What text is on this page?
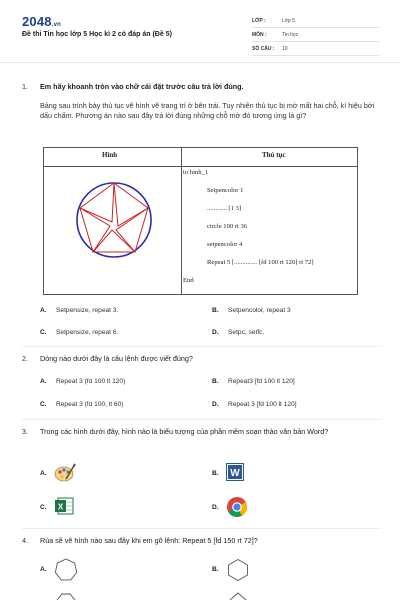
2048.vn
Đề thi Tin học lớp 5 Học kì 2 có đáp án (Đề 5)
LỚP :	Lớp 5
MÔN :	Tin học
SỐ CÂU :	10
1. Em hãy khoanh tròn vào chữ cái đặt trước câu trả lời đúng.
Bảng sau trình bày thủ tục vẽ hình vẽ trang trí ở bên trái. Tuy nhiên thủ tục bị mờ mất hai chỗ, kí hiệu bởi dấu chấm. Phương án nào sau đây trả lời đúng những chỗ mờ đó tương ứng là gì?
Hình	Thủ tục
to hinh_1
Setpencolor 1
............ [1 3]
circle 100 rt 36
setpencolor 4
Repeat 5 [.............. [fd 100 rt 120] rt 72]
End
A. Setpensize, repeat 3.	B. Setpencolor, repeat 3
C. Setpensize, repeat 6.	D. Setpc, setfc.
2. Dòng nào dưới đây là câu lệnh được viết đúng?
A. Repeat 3 (fd 100 lt 120)	B. Repeat3 [fd 100 lt 120]
C. Repeat 3 (fd 100, lt 60)	D. Repeat 3 [fd 100 lt 120]
3. Trong các hình dưới đây, hình nào là biểu tượng của phần mềm soạn thảo văn bản Word?
A.	B.	W
C.	X	D.
4. Rùa sẽ vẽ hình nào sau đây khi em gõ lệnh: Repeat 5 [fd 150 rt 72]?
A.	B.
